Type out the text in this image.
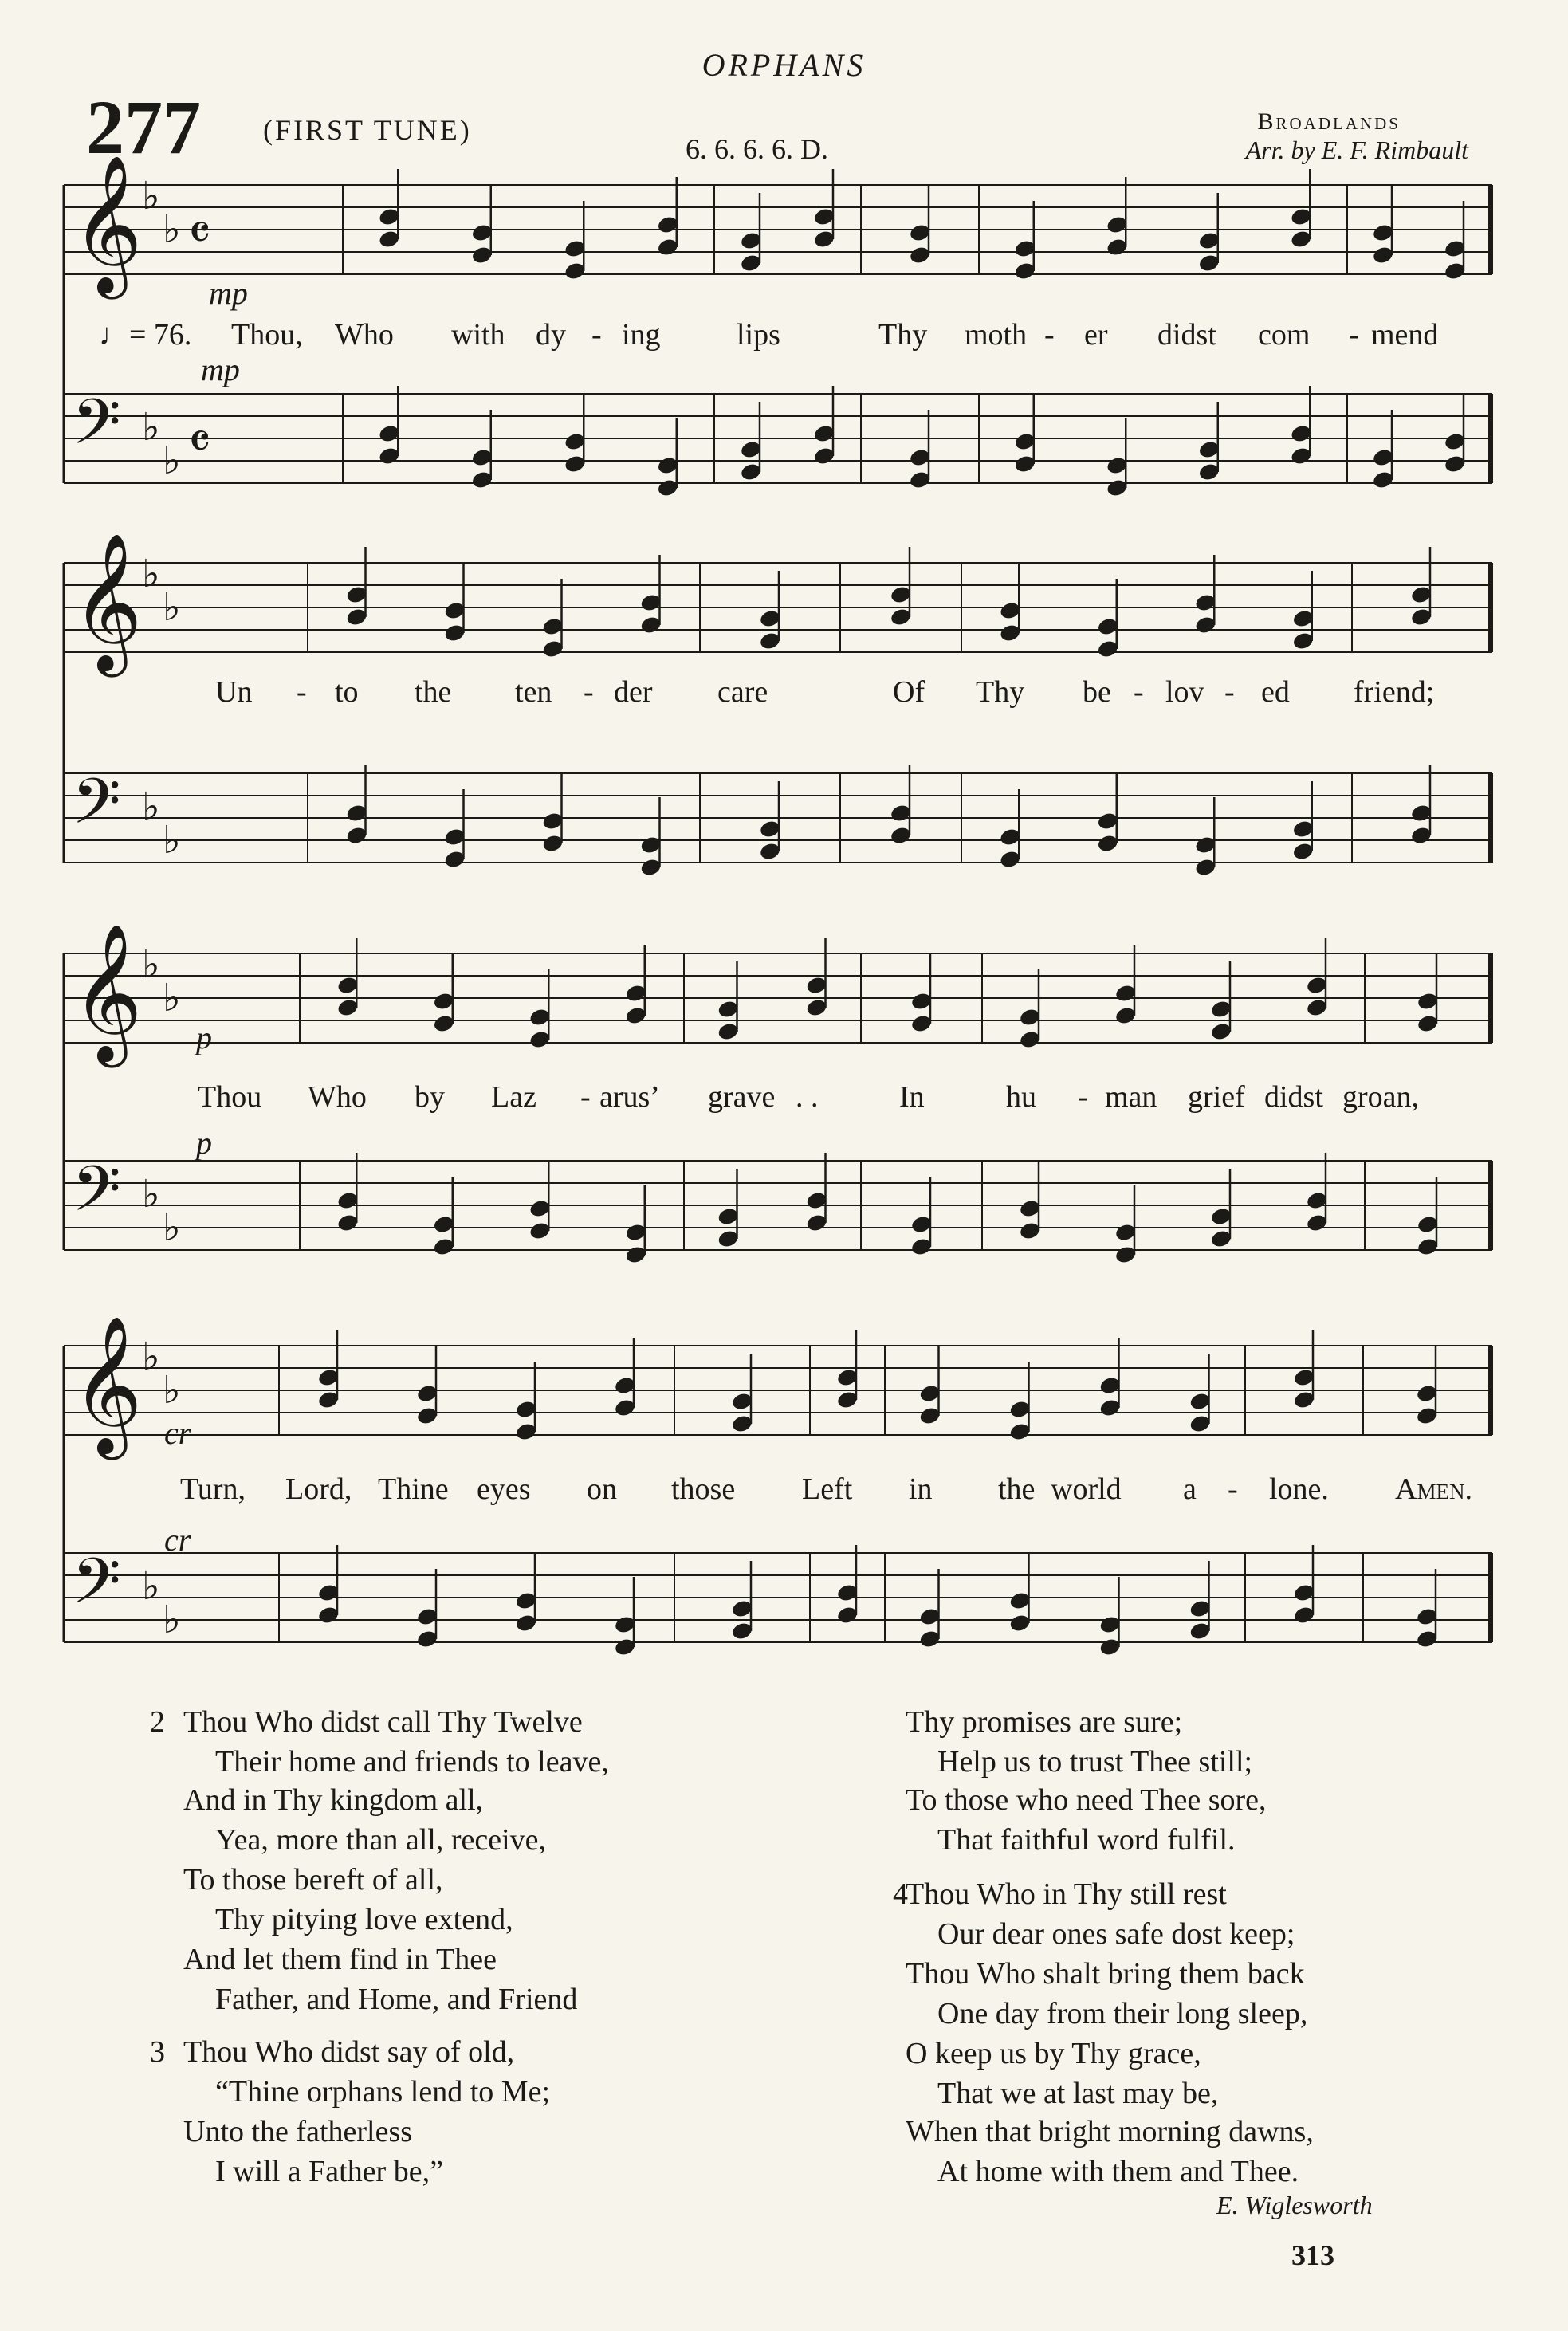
ORPHANS
277 (FIRST TUNE)
6. 6. 6. 6. D.
Broadlands
Arr. by E. F. Rimbault
𝄞 ♭
♭ 𝄴
𝄢 ♭
♭ 𝄴
𝄞 ♭
♭
𝄢 ♭
♭
𝄞 ♭
♭
𝄢 ♭
♭
𝄞 ♭
♭
𝄢 ♭
♭
♩= 76.
mp
mp
p
p
cr
cr
Thou, Who with dy - ing	lips	Thy moth - er didst com - mend
Un - to the ten - der care	Of Thy be - lov - ed friend;
Thou Who by Laz - arus’ grave . .	In	hu - man grief didst groan,
Turn, Lord, Thine eyes on those Left in the world a - lone. Amen.
2 Thou Who didst call Thy Twelve
Their home and friends to leave,
And in Thy kingdom all,
Yea, more than all, receive,
To those bereft of all,
Thy pitying love extend,
And let them find in Thee
Father, and Home, and Friend
3 Thou Who didst say of old,
“Thine orphans lend to Me;
Unto the fatherless
I will a Father be,”
Thy promises are sure;
Help us to trust Thee still;
To those who need Thee sore,
That faithful word fulfil.
4
Thou Who in Thy still rest
Our dear ones safe dost keep;
Thou Who shalt bring them back
One day from their long sleep,
O keep us by Thy grace,
That we at last may be,
When that bright morning dawns,
At home with them and Thee.
E. Wiglesworth
313
